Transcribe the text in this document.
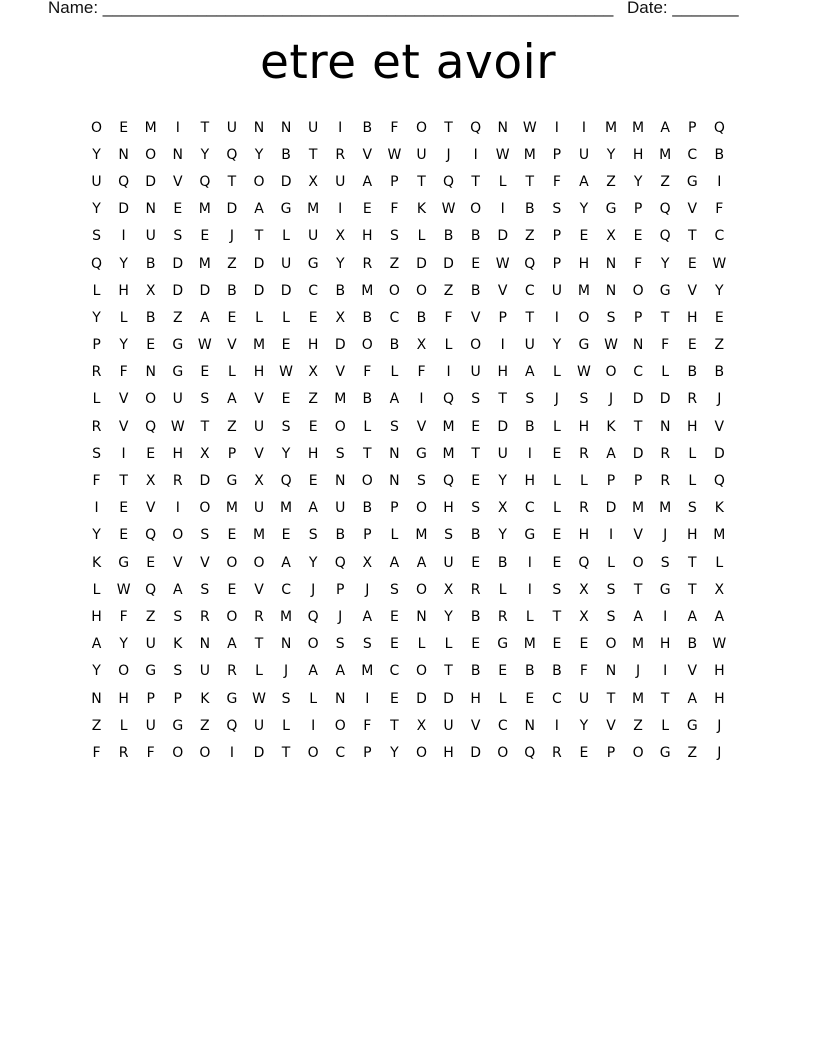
Name: ______________________________________________________

Date: _______

etre et avoir
O	E	M	I	T	U	N	N	U	I	B	F	O	T	Q	N	W	I	I	M	M	A	P	Q
Y	N	O	N	Y	Q	Y	B	T	R	V	W	U	J	I	W	M	P	U	Y	H	M	C	B
U	Q	D	V	Q	T	O	D	X	U	A	P	T	Q	T	L	T	F	A	Z	Y	Z	G	I
Y	D	N	E	M	D	A	G	M	I	E	F	K	W	O	I	B	S	Y	G	P	Q	V	F
S	I	U	S	E	J	T	L	U	X	H	S	L	B	B	D	Z	P	E	X	E	Q	T	C
Q	Y	B	D	M	Z	D	U	G	Y	R	Z	D	D	E	W	Q	P	H	N	F	Y	E	W
L	H	X	D	D	B	D	D	C	B	M	O	O	Z	B	V	C	U	M	N	O	G	V	Y
Y	L	B	Z	A	E	L	L	E	X	B	C	B	F	V	P	T	I	O	S	P	T	H	E
P	Y	E	G	W	V	M	E	H	D	O	B	X	L	O	I	U	Y	G	W	N	F	E	Z
R	F	N	G	E	L	H	W	X	V	F	L	F	I	U	H	A	L	W	O	C	L	B	B
L	V	O	U	S	A	V	E	Z	M	B	A	I	Q	S	T	S	J	S	J	D	D	R	J
R	V	Q	W	T	Z	U	S	E	O	L	S	V	M	E	D	B	L	H	K	T	N	H	V
S	I	E	H	X	P	V	Y	H	S	T	N	G	M	T	U	I	E	R	A	D	R	L	D
F	T	X	R	D	G	X	Q	E	N	O	N	S	Q	E	Y	H	L	L	P	P	R	L	Q
I	E	V	I	O	M	U	M	A	U	B	P	O	H	S	X	C	L	R	D	M	M	S	K
Y	E	Q	O	S	E	M	E	S	B	P	L	M	S	B	Y	G	E	H	I	V	J	H	M
K	G	E	V	V	O	O	A	Y	Q	X	A	A	U	E	B	I	E	Q	L	O	S	T	L
L	W	Q	A	S	E	V	C	J	P	J	S	O	X	R	L	I	S	X	S	T	G	T	X
H	F	Z	S	R	O	R	M	Q	J	A	E	N	Y	B	R	L	T	X	S	A	I	A	A
A	Y	U	K	N	A	T	N	O	S	S	E	L	L	E	G	M	E	E	O	M	H	B	W
Y	O	G	S	U	R	L	J	A	A	M	C	O	T	B	E	B	B	F	N	J	I	V	H
N	H	P	P	K	G	W	S	L	N	I	E	D	D	H	L	E	C	U	T	M	T	A	H
Z	L	U	G	Z	Q	U	L	I	O	F	T	X	U	V	C	N	I	Y	V	Z	L	G	J
F	R	F	O	O	I	D	T	O	C	P	Y	O	H	D	O	Q	R	E	P	O	G	Z	J
